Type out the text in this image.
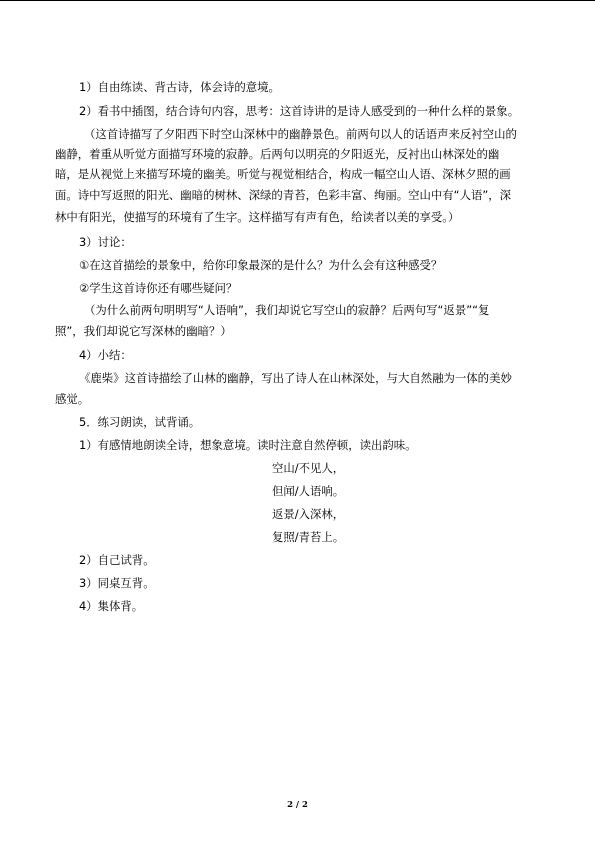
1）自由练读、背古诗，体会诗的意境。
2）看书中插图，结合诗句内容，思考：这首诗讲的是诗人感受到的一种什么样的景象。
（这首诗描写了夕阳西下时空山深林中的幽静景色。前两句以人的话语声来反衬空山的
幽静，着重从听觉方面描写环境的寂静。后两句以明亮的夕阳返光，反衬出山林深处的幽
暗，是从视觉上来描写环境的幽美。听觉与视觉相结合，构成一幅空山人语、深林夕照的画
面。诗中写返照的阳光、幽暗的树林、深绿的青苔，色彩丰富、绚丽。空山中有“人语”，深
林中有阳光，使描写的环境有了生字。这样描写有声有色，给读者以美的享受。）
3）讨论：
①在这首描绘的景象中，给你印象最深的是什么？为什么会有这种感受？
②学生这首诗你还有哪些疑问？
（为什么前两句明明写“人语响”，我们却说它写空山的寂静？后两句写“返景”“复
照”，我们却说它写深林的幽暗？）
4）小结：
《鹿柴》这首诗描绘了山林的幽静，写出了诗人在山林深处，与大自然融为一体的美妙
感觉。
5．练习朗读，试背诵。
1）有感情地朗读全诗，想象意境。读时注意自然停顿，读出韵味。
空山/不见人，
但闻/人语响。
返景/入深林，
复照/青苔上。
2）自己试背。
3）同桌互背。
4）集体背。
2 / 2
